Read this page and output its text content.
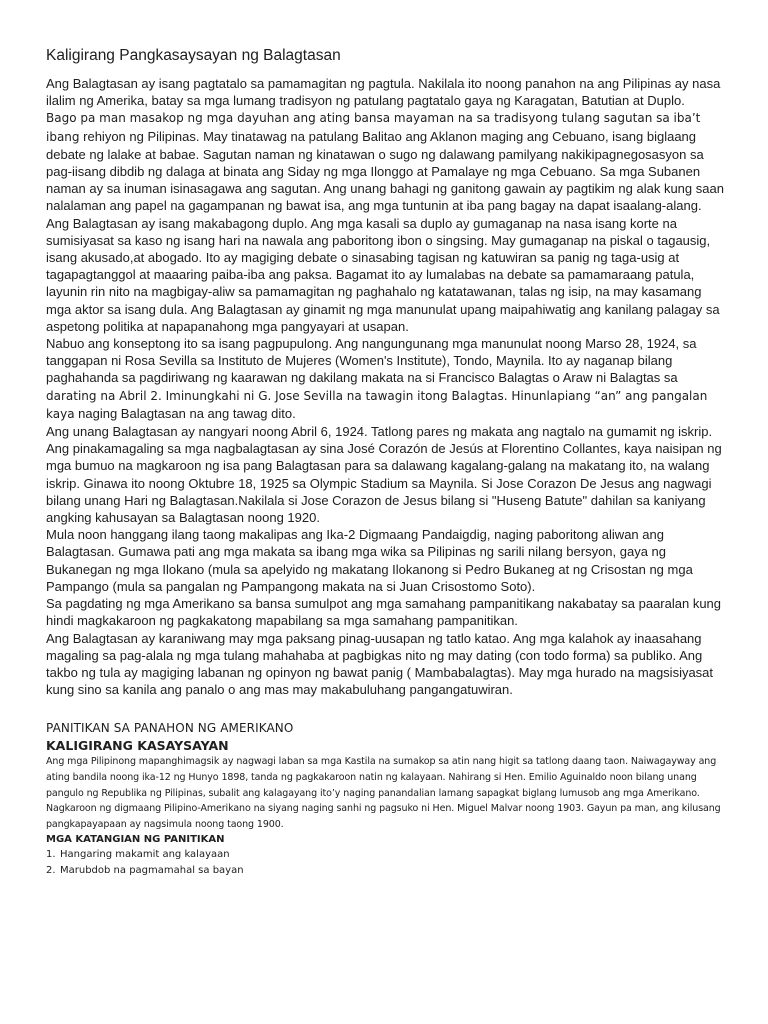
Kaligirang Pangkasaysayan ng Balagtasan

Ang Balagtasan ay isang pagtatalo sa pamamagitan ng pagtula. Nakilala ito noong panahon na ang Pilipinas ay nasa ilalim ng Amerika, batay sa mga lumang tradisyon ng patulang pagtatalo gaya ng Karagatan, Batutian at Duplo.

Bago pa man masakop ng mga dayuhan ang ating bansa mayaman na sa tradisyong tulang sagutan sa iba’t ibang rehiyon ng Pilipinas. May tinatawag na patulang Balitao ang Aklanon maging ang Cebuano, isang biglaang debate ng lalake at babae. Sagutan naman ng kinatawan o sugo ng dalawang pamilyang nakikipagnegosasyon sa pag-iisang dibdib ng dalaga at binata ang Siday ng mga Ilonggo at Pamalaye ng mga Cebuano. Sa mga Subanen naman ay sa inuman isinasagawa ang sagutan. Ang unang bahagi ng ganitong gawain ay pagtikim ng alak kung saan nalalaman ang papel na gagampanan ng bawat isa, ang mga tuntunin at iba pang bagay na dapat isaalang-alang.

Ang Balagtasan ay isang makabagong duplo. Ang mga kasali sa duplo ay gumaganap na nasa isang korte na sumisiyasat sa kaso ng isang hari na nawala ang paboritong ibon o singsing. May gumaganap na piskal o tagausig, isang akusado,at abogado. Ito ay magiging debate o sinasabing tagisan ng katuwiran sa panig ng taga-usig at tagapagtanggol at maaaring paiba-iba ang paksa. Bagamat ito ay lumalabas na debate sa pamamaraang patula, layunin rin nito na magbigay-aliw sa pamamagitan ng paghahalo ng katatawanan, talas ng isip, na may kasamang mga aktor sa isang dula. Ang Balagtasan ay ginamit ng mga manunulat upang maipahiwatig ang kanilang palagay sa aspetong politika at napapanahong mga pangyayari at usapan.

Nabuo ang konseptong ito sa isang pagpupulong. Ang nangungunang mga manunulat noong Marso 28, 1924, sa tanggapan ni Rosa Sevilla sa Instituto de Mujeres (Women's Institute), Tondo, Maynila. Ito ay naganap bilang paghahanda sa pagdiriwang ng kaarawan ng dakilang makata na si Francisco Balagtas o Araw ni Balagtas sa darating na Abril 2. Iminungkahi ni G. Jose Sevilla na tawagin itong Balagtas. Hinunlapiang “an” ang pangalan kaya naging Balagtasan na ang tawag dito.

Ang unang Balagtasan ay nangyari noong Abril 6, 1924. Tatlong pares ng makata ang nagtalo na gumamit ng iskrip. Ang pinakamagaling sa mga nagbalagtasan ay sina José Corazón de Jesús at Florentino Collantes, kaya naisipan ng mga bumuo na magkaroon ng isa pang Balagtasan para sa dalawang kagalang-galang na makatang ito, na walang iskrip. Ginawa ito noong Oktubre 18, 1925 sa Olympic Stadium sa Maynila. Si Jose Corazon De Jesus ang nagwagi bilang unang Hari ng Balagtasan.Nakilala si Jose Corazon de Jesus bilang si "Huseng Batute" dahilan sa kaniyang angking kahusayan sa Balagtasan noong 1920.

Mula noon hanggang ilang taong makalipas ang Ika-2 Digmaang Pandaigdig, naging paboritong aliwan ang Balagtasan. Gumawa pati ang mga makata sa ibang mga wika sa Pilipinas ng sarili nilang bersyon, gaya ng Bukanegan ng mga Ilokano (mula sa apelyido ng makatang Ilokanong si Pedro Bukaneg at ng Crisostan ng mga Pampango (mula sa pangalan ng Pampangong makata na si Juan Crisostomo Soto).

Sa pagdating ng mga Amerikano sa bansa sumulpot ang mga samahang pampanitikang nakabatay sa paaralan kung hindi magkakaroon ng pagkakatong mapabilang sa mga samahang pampanitikan.

Ang Balagtasan ay karaniwang may mga paksang pinag-uusapan ng tatlo katao. Ang mga kalahok ay inaasahang magaling sa pag-alala ng mga tulang mahahaba at pagbigkas nito ng may dating (con todo forma) sa publiko. Ang takbo ng tula ay magiging labanan ng opinyon ng bawat panig ( Mambabalagtas). May mga hurado na magsisiyasat kung sino sa kanila ang panalo o ang mas may makabuluhang pangangatuwiran.

PANITIKAN SA PANAHON NG AMERIKANO
KALIGIRANG KASAYSAYAN

Ang mga Pilipinong mapanghimagsik ay nagwagi laban sa mga Kastila na sumakop sa atin nang higit sa tatlong daang taon. Naiwagayway ang ating bandila noong ika-12 ng Hunyo 1898, tanda ng pagkakaroon natin ng kalayaan. Nahirang si Hen. Emilio Aguinaldo noon bilang unang pangulo ng Republika ng Pilipinas, subalit ang kalagayang ito’y naging panandalian lamang sapagkat biglang lumusob ang mga Amerikano. Nagkaroon ng digmaang Pilipino-Amerikano na siyang naging sanhi ng pagsuko ni Hen. Miguel Malvar noong 1903. Gayun pa man, ang kilusang pangkapayapaan ay nagsimula noong taong 1900.

MGA KATANGIAN NG PANITIKAN
1. Hangaring makamit ang kalayaan
2. Marubdob na pagmamahal sa bayan
